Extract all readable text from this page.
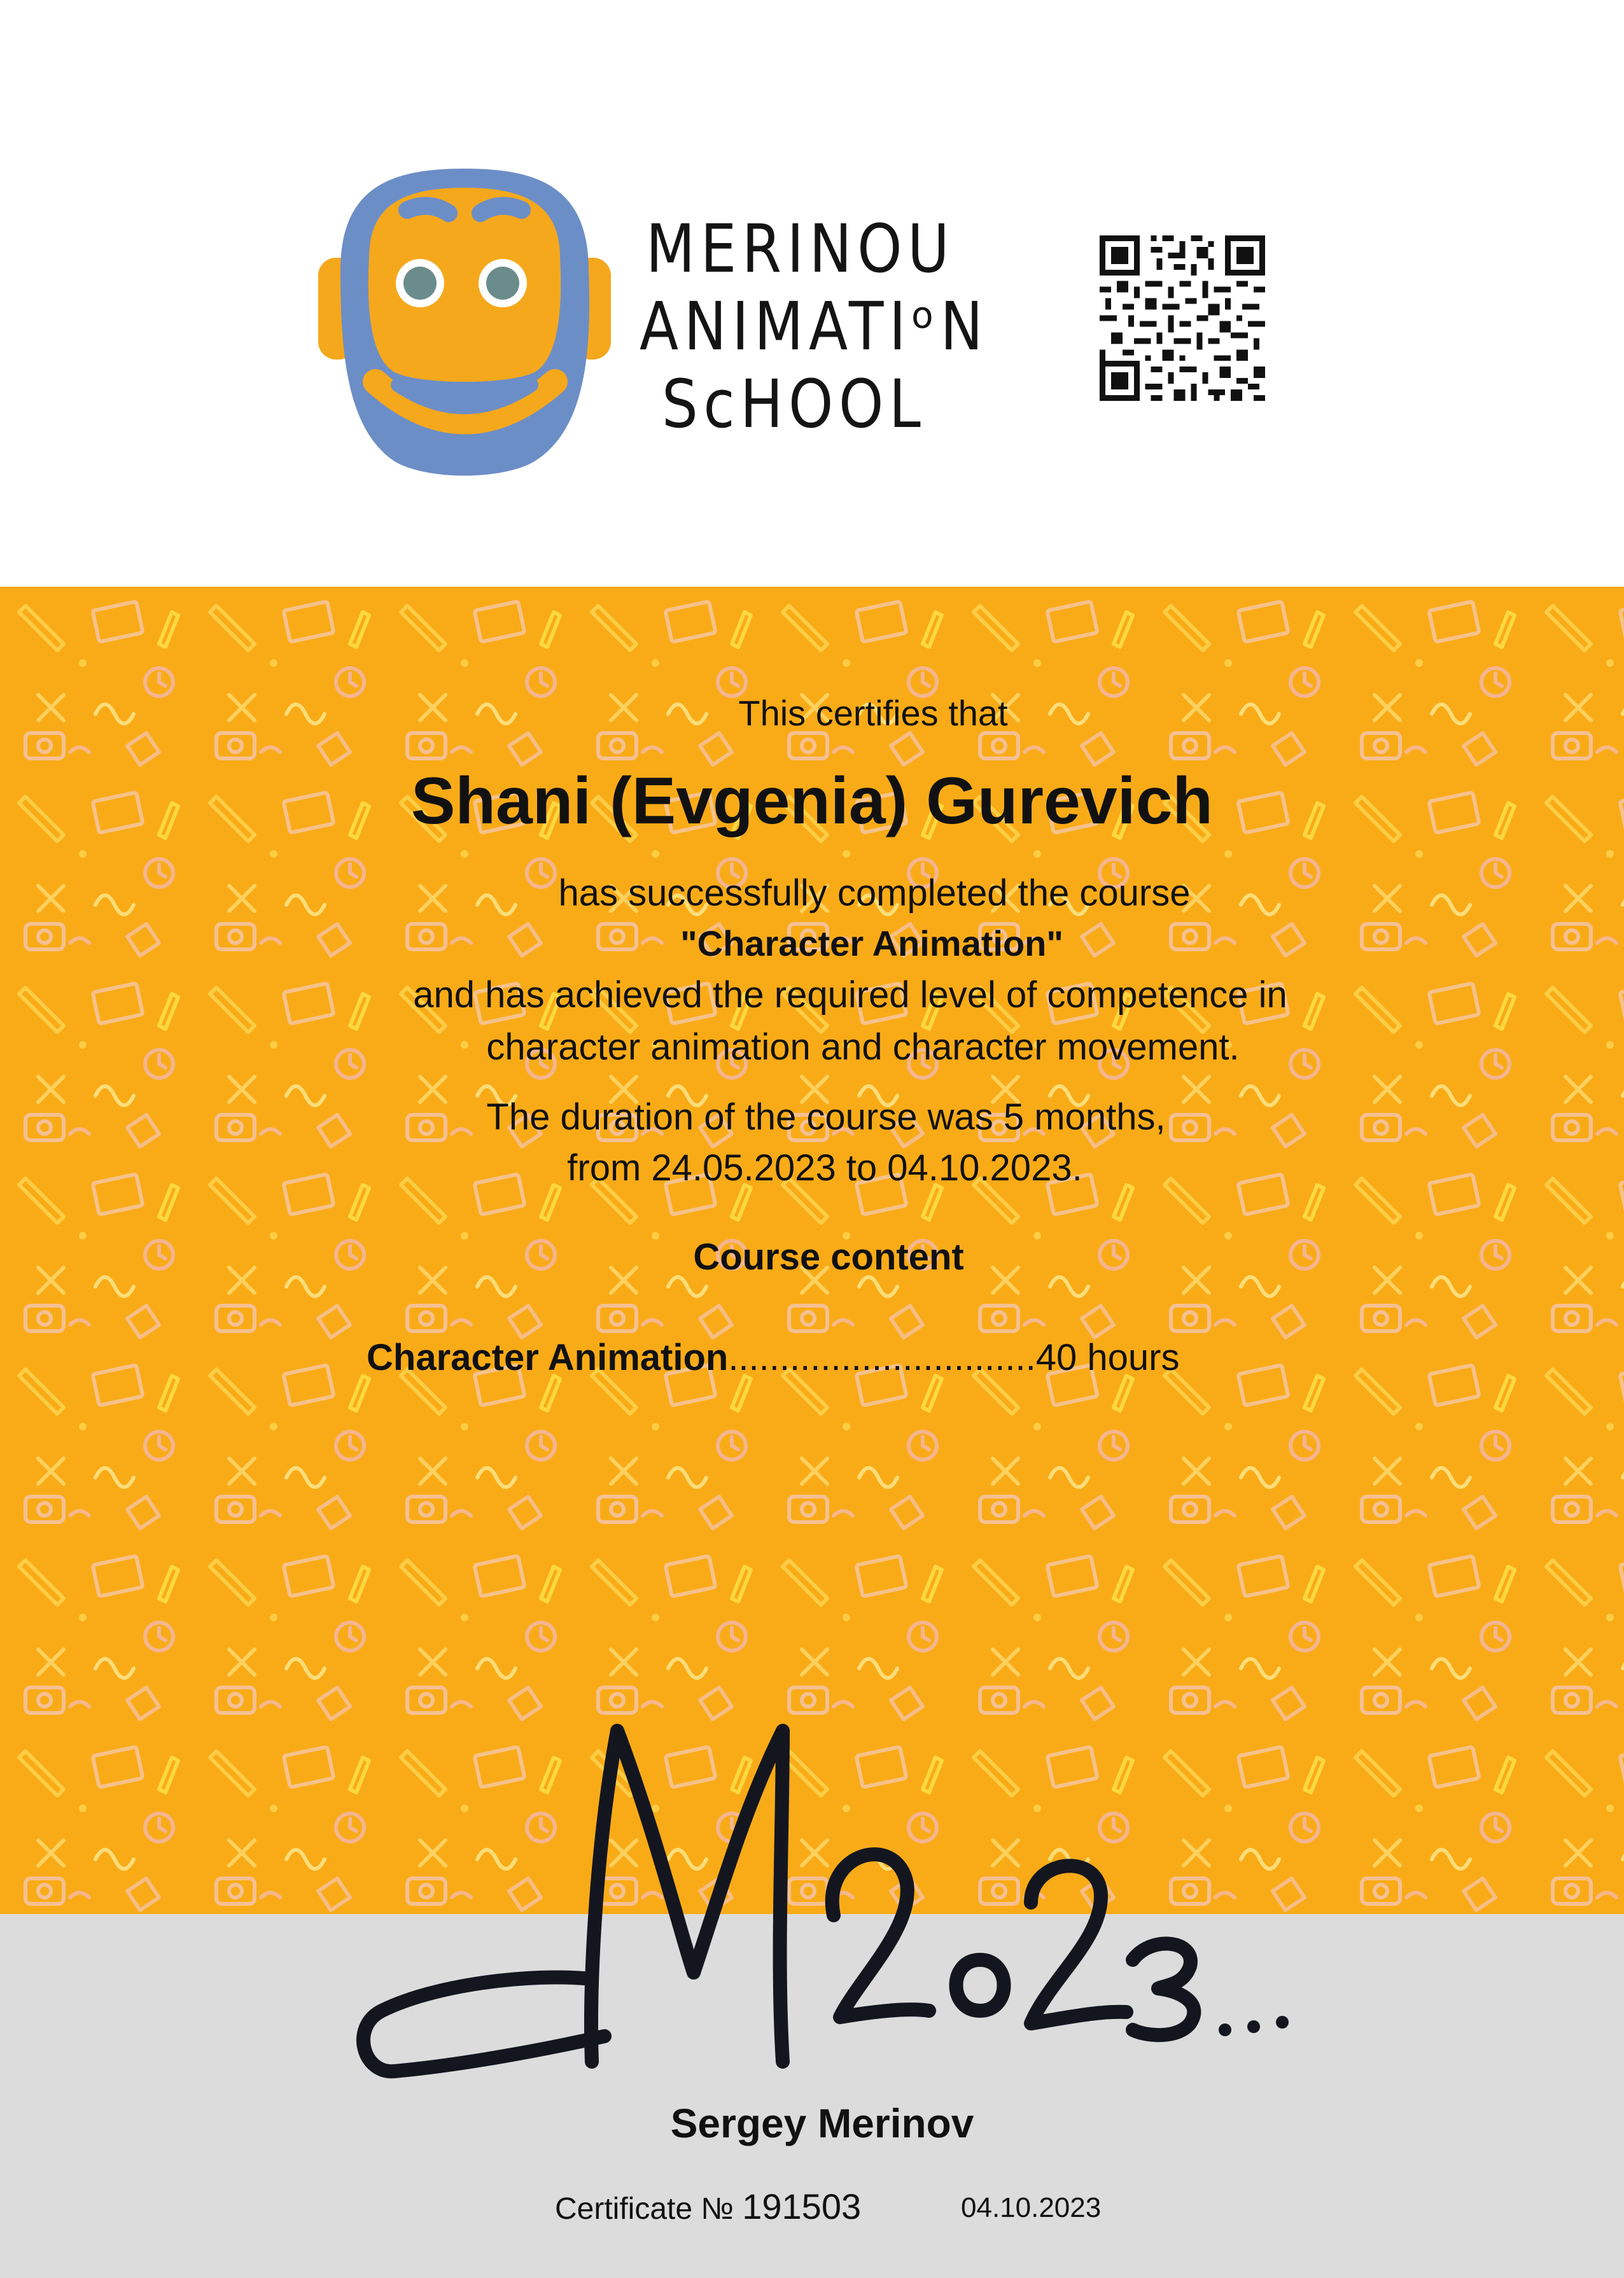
MERINOU
ANIMATIᵒN
ScHOOL
This certifies that
Shani (Evgenia) Gurevich
has successfully completed the course
"Character Animation"
and has achieved the required level of competence in
character animation and character movement.
The duration of the course was 5 months,
from 24.05.2023 to 04.10.2023.
Course content
Character Animation..............................40 hours
Sergey Merinov
Certificate № 191503	04.10.2023
